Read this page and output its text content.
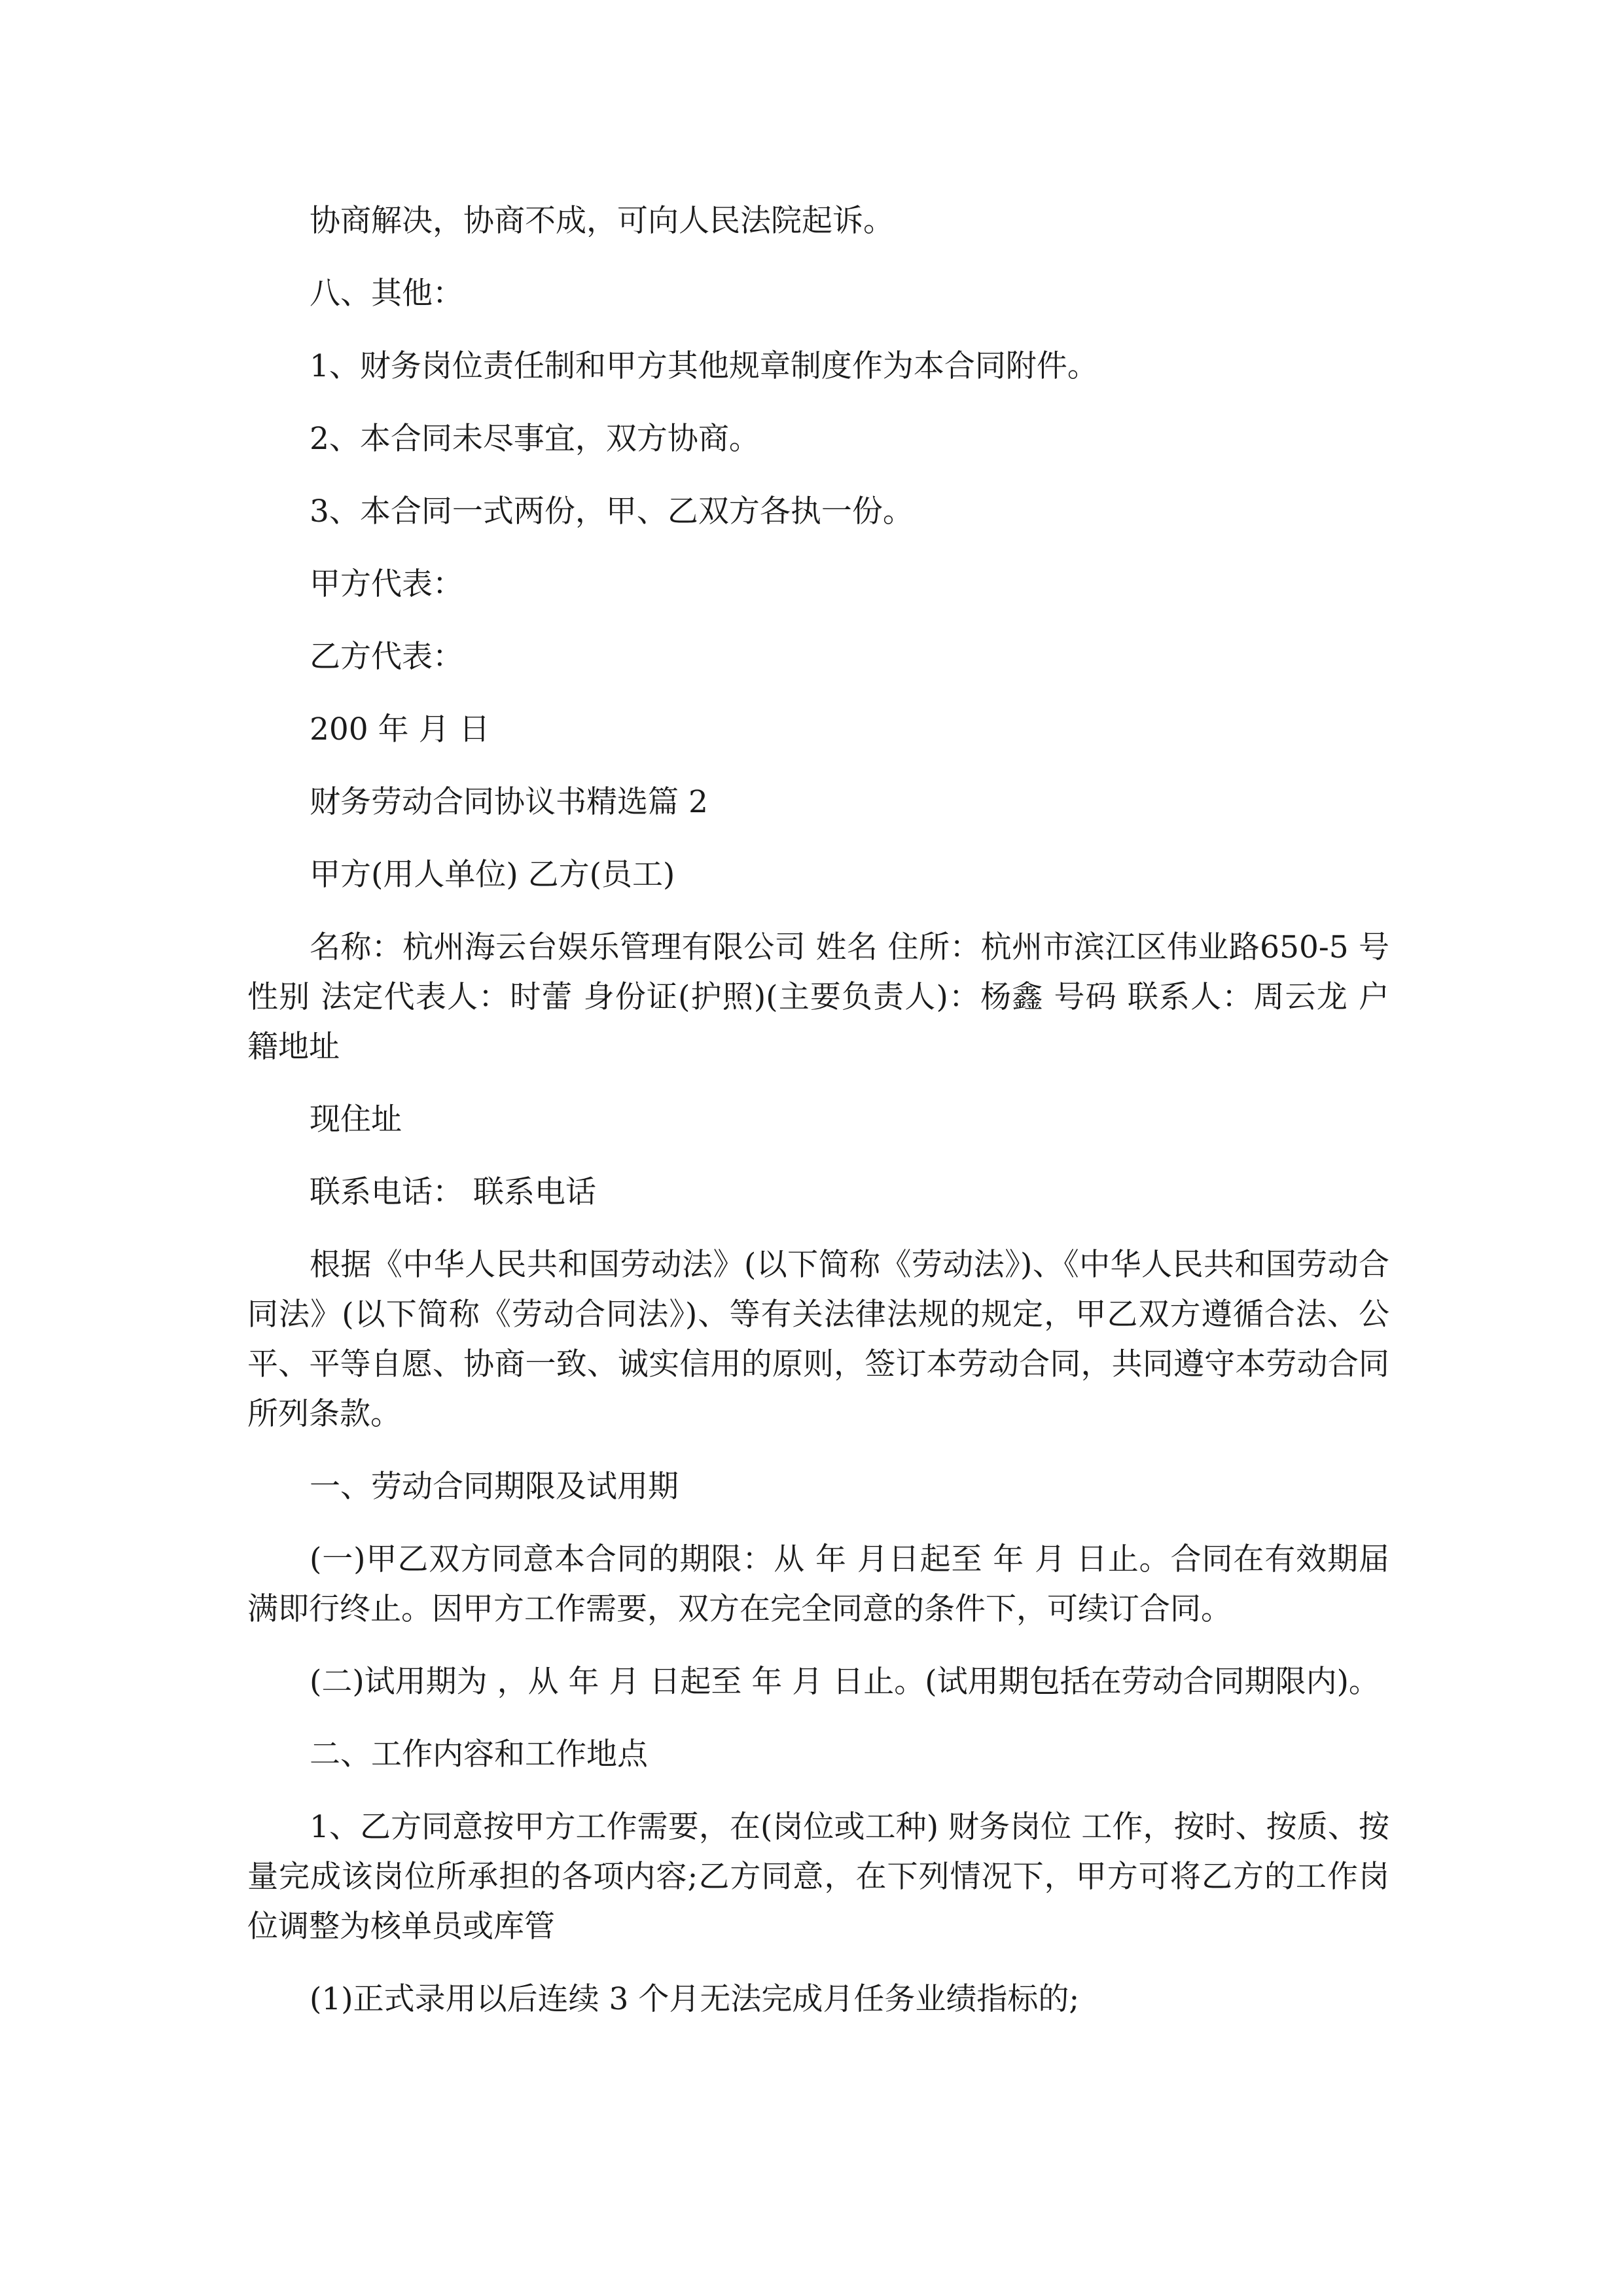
协商解决，协商不成，可向人民法院起诉。

八、其他：

1、财务岗位责任制和甲方其他规章制度作为本合同附件。

2、本合同未尽事宜，双方协商。

3、本合同一式两份，甲、乙双方各执一份。

甲方代表：

乙方代表：

200 年 月 日

财务劳动合同协议书精选篇 2

甲方(用人单位) 乙方(员工)

名称：杭州海云台娱乐管理有限公司 姓名 住所：杭州市滨江区伟业路650-5 号 性别 法定代表人：时蕾 身份证(护照)(主要负责人)：杨鑫 号码 联系人：周云龙 户籍地址

现住址

联系电话： 联系电话

根据《中华人民共和国劳动法》(以下简称《劳动法》)、《中华人民共和国劳动合同法》(以下简称《劳动合同法》)、等有关法律法规的规定，甲乙双方遵循合法、公平、平等自愿、协商一致、诚实信用的原则，签订本劳动合同，共同遵守本劳动合同所列条款。

一、劳动合同期限及试用期

(一)甲乙双方同意本合同的期限：从 年 月日起至 年 月 日止。合同在有效期届满即行终止。因甲方工作需要，双方在完全同意的条件下，可续订合同。

(二)试用期为 ，从 年 月 日起至 年 月 日止。(试用期包括在劳动合同期限内)。

二、工作内容和工作地点

1、乙方同意按甲方工作需要，在(岗位或工种) 财务岗位 工作，按时、按质、按量完成该岗位所承担的各项内容;乙方同意，在下列情况下，甲方可将乙方的工作岗位调整为核单员或库管

(1)正式录用以后连续 3 个月无法完成月任务业绩指标的;
